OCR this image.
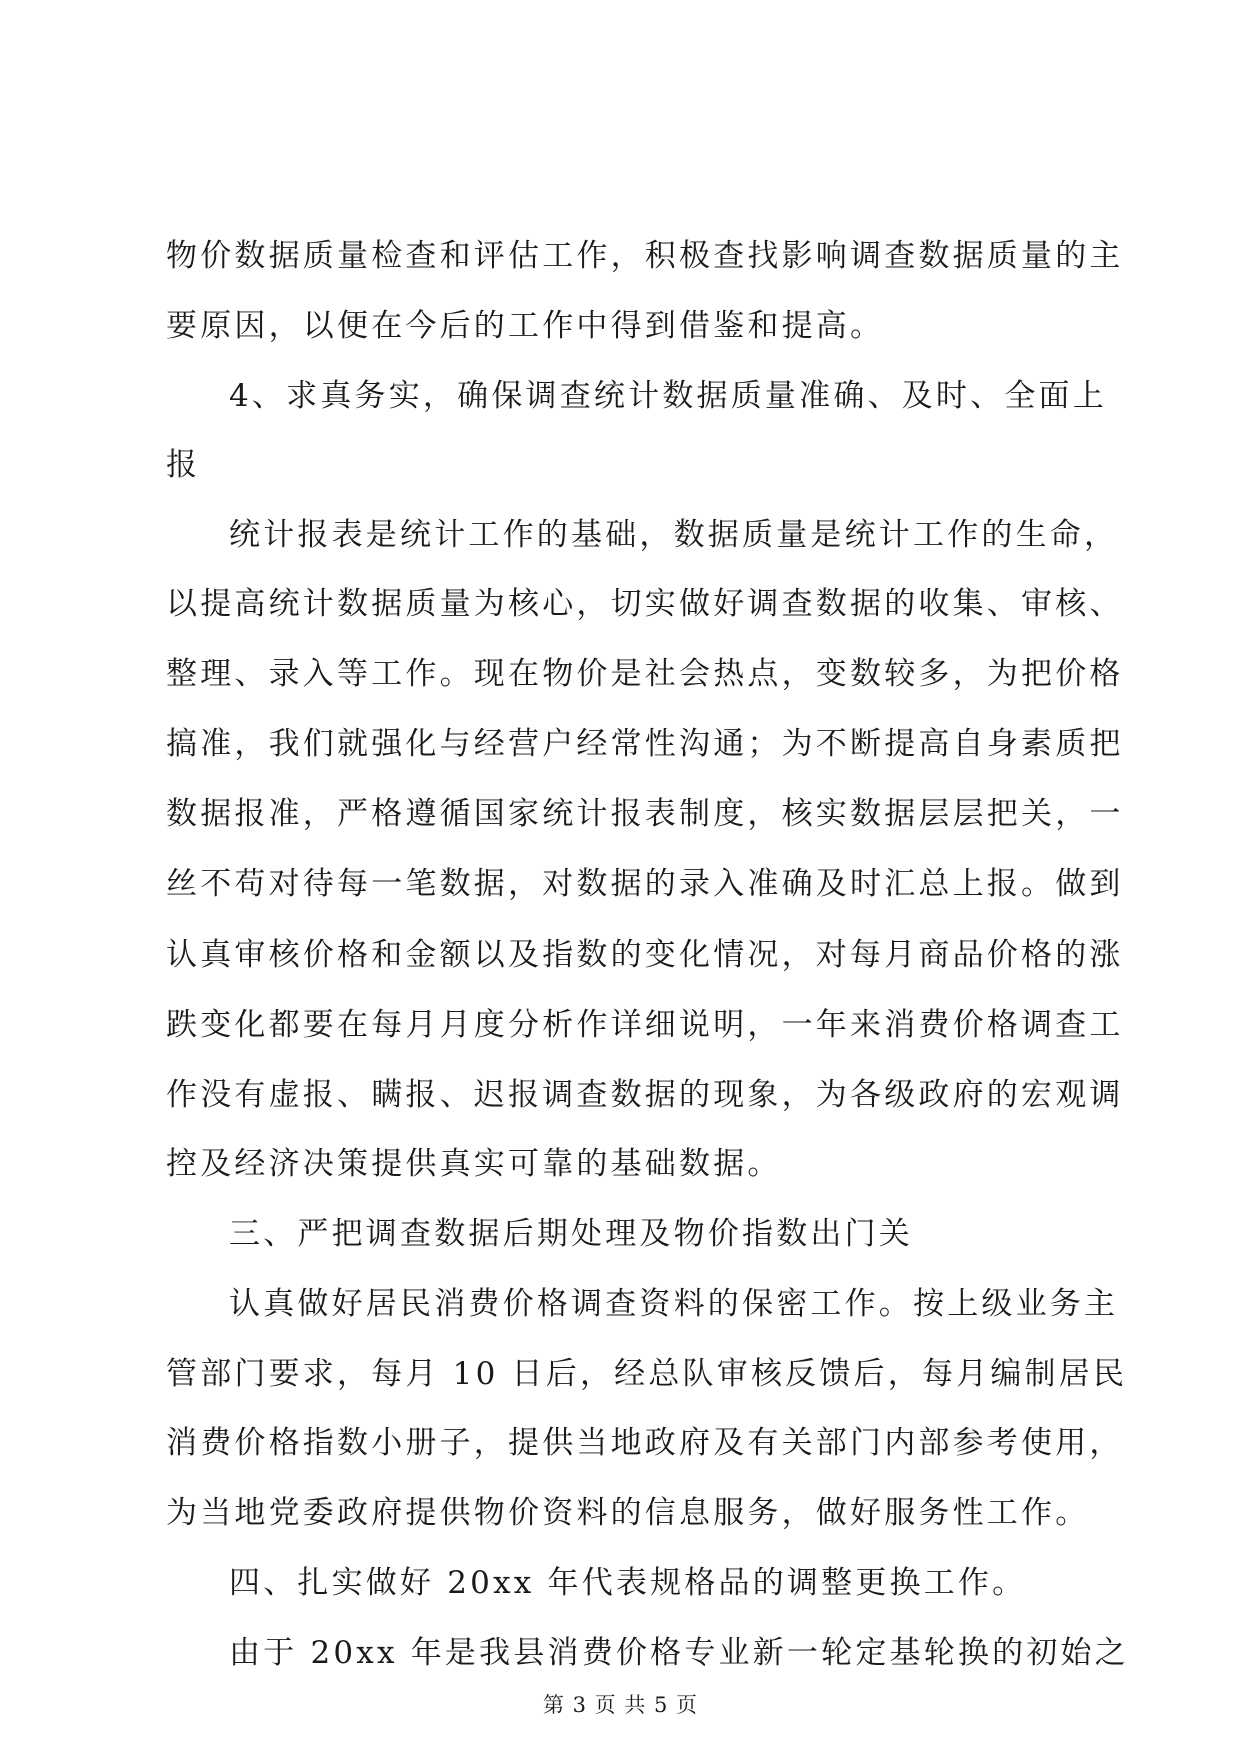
物价数据质量检查和评估工作，积极查找影响调查数据质量的主
要原因，以便在今后的工作中得到借鉴和提高。
4、求真务实，确保调查统计数据质量准确、及时、全面上
报
统计报表是统计工作的基础，数据质量是统计工作的生命，
以提高统计数据质量为核心，切实做好调查数据的收集、审核、
整理、录入等工作。现在物价是社会热点，变数较多，为把价格
搞准，我们就强化与经营户经常性沟通；为不断提高自身素质把
数据报准，严格遵循国家统计报表制度，核实数据层层把关，一
丝不苟对待每一笔数据，对数据的录入准确及时汇总上报。做到
认真审核价格和金额以及指数的变化情况，对每月商品价格的涨
跌变化都要在每月月度分析作详细说明，一年来消费价格调查工
作没有虚报、瞒报、迟报调查数据的现象，为各级政府的宏观调
控及经济决策提供真实可靠的基础数据。
三、严把调查数据后期处理及物价指数出门关
认真做好居民消费价格调查资料的保密工作。按上级业务主
管部门要求，每月 10 日后，经总队审核反馈后，每月编制居民
消费价格指数小册子，提供当地政府及有关部门内部参考使用，
为当地党委政府提供物价资料的信息服务，做好服务性工作。
四、扎实做好 20xx 年代表规格品的调整更换工作。
由于 20xx 年是我县消费价格专业新一轮定基轮换的初始之
第 3 页 共 5 页
